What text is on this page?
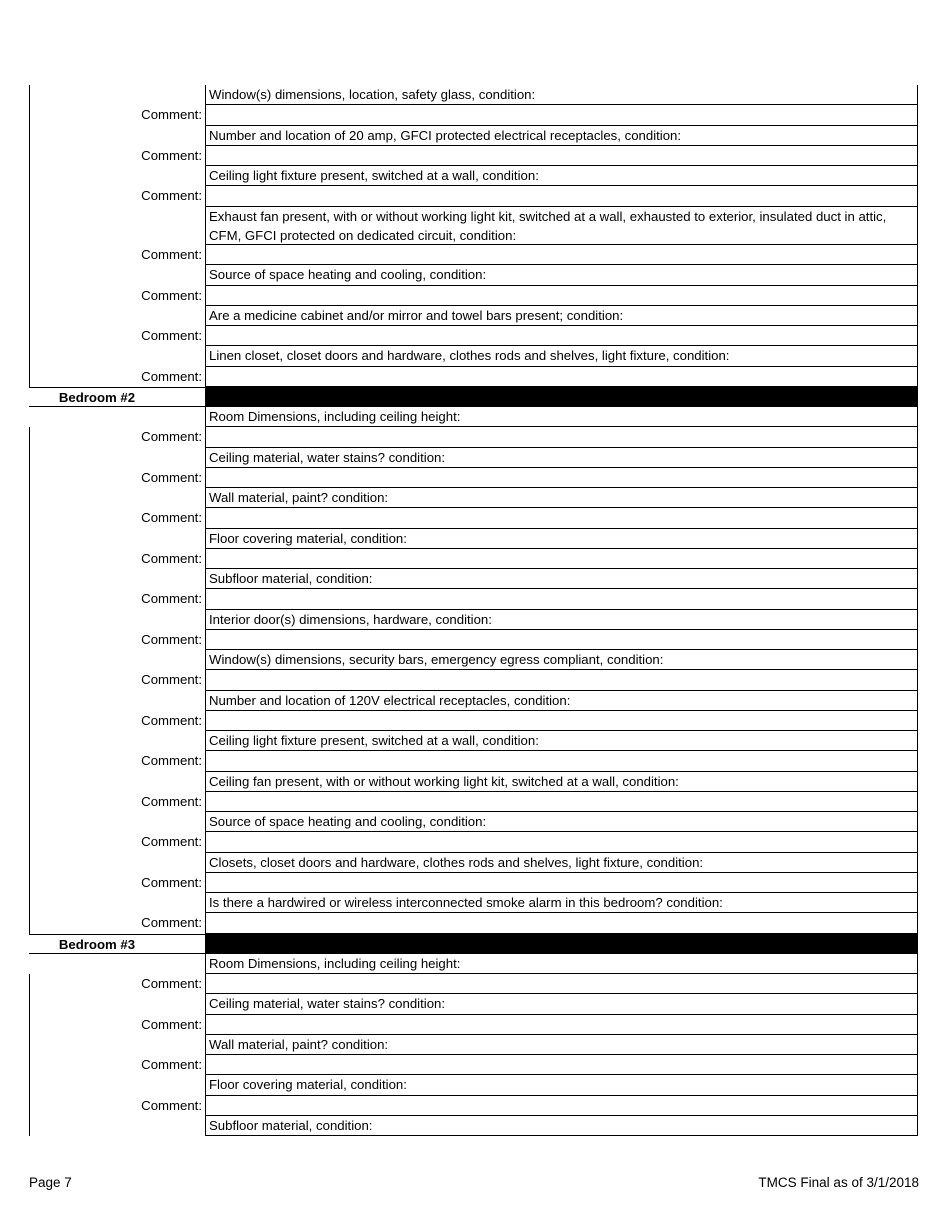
Window(s) dimensions, location, safety glass, condition:
Comment:
Number and location of 20 amp, GFCI protected electrical receptacles, condition:
Comment:
Ceiling light fixture present, switched at a wall, condition:
Comment:
Exhaust fan present, with or without working light kit, switched at a wall, exhausted to exterior, insulated duct in attic, CFM, GFCI protected on dedicated circuit, condition:
Comment:
Source of space heating and cooling, condition:
Comment:
Are a medicine cabinet and/or mirror and towel bars present; condition:
Comment:
Linen closet, closet doors and hardware, clothes rods and shelves, light fixture, condition:
Comment:
Bedroom #2
Room Dimensions, including ceiling height:
Comment:
Ceiling material, water stains? condition:
Comment:
Wall material, paint? condition:
Comment:
Floor covering material, condition:
Comment:
Subfloor material, condition:
Comment:
Interior door(s) dimensions, hardware, condition:
Comment:
Window(s) dimensions, security bars, emergency egress compliant, condition:
Comment:
Number and location of 120V electrical receptacles, condition:
Comment:
Ceiling light fixture present, switched at a wall, condition:
Comment:
Ceiling fan present, with or without working light kit, switched at a wall, condition:
Comment:
Source of space heating and cooling, condition:
Comment:
Closets, closet doors and hardware, clothes rods and shelves, light fixture, condition:
Comment:
Is there a hardwired or wireless interconnected smoke alarm in this bedroom? condition:
Comment:
Bedroom #3
Room Dimensions, including ceiling height:
Comment:
Ceiling material, water stains? condition:
Comment:
Wall material, paint? condition:
Comment:
Floor covering material, condition:
Comment:
Subfloor material, condition:
Page 7	TMCS Final as of 3/1/2018
